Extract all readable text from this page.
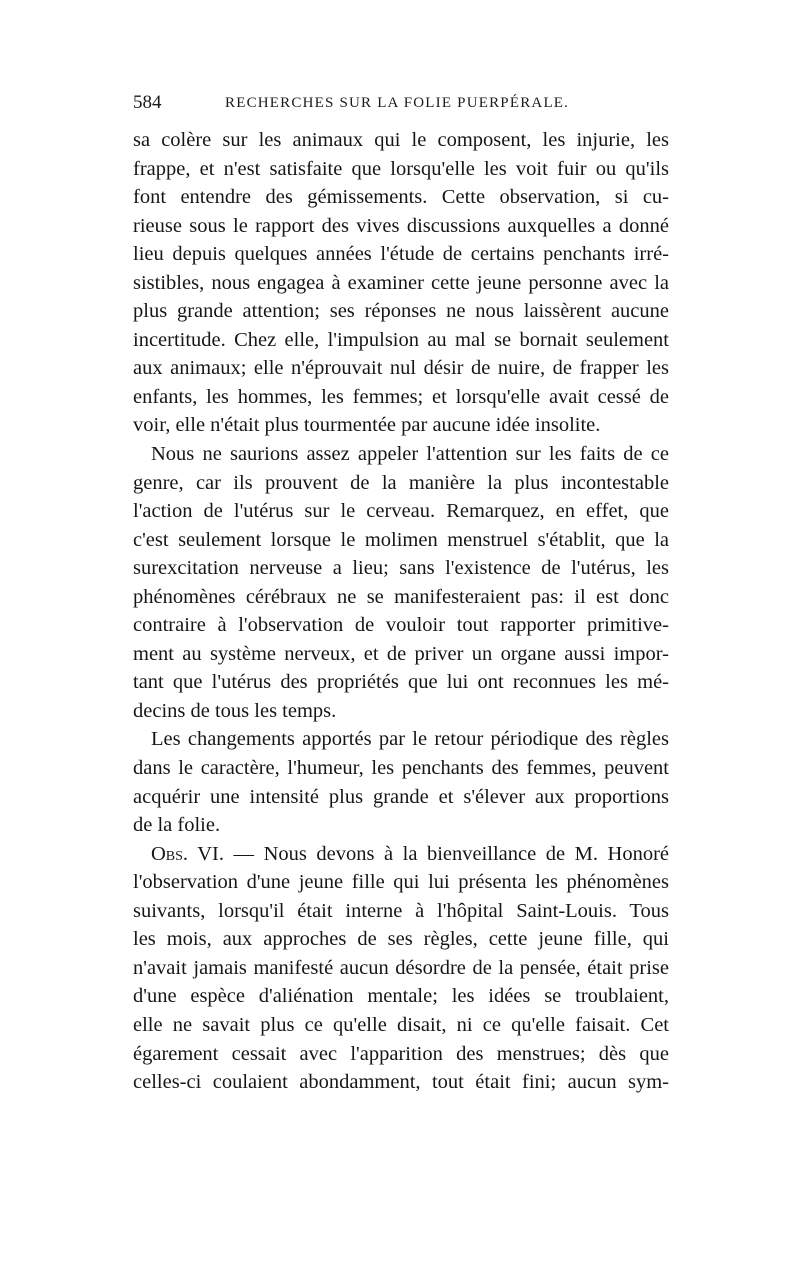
584	RECHERCHES SUR LA FOLIE PUERPÉRALE.
sa colère sur les animaux qui le composent, les injurie, les
frappe, et n'est satisfaite que lorsqu'elle les voit fuir ou qu'ils
font entendre des gémissements. Cette observation, si cu-
rieuse sous le rapport des vives discussions auxquelles a donné
lieu depuis quelques années l'étude de certains penchants irré-
sistibles, nous engagea à examiner cette jeune personne avec la
plus grande attention; ses réponses ne nous laissèrent aucune
incertitude. Chez elle, l'impulsion au mal se bornait seulement
aux animaux; elle n'éprouvait nul désir de nuire, de frapper les
enfants, les hommes, les femmes; et lorsqu'elle avait cessé de
voir, elle n'était plus tourmentée par aucune idée insolite.
Nous ne saurions assez appeler l'attention sur les faits de ce
genre, car ils prouvent de la manière la plus incontestable
l'action de l'utérus sur le cerveau. Remarquez, en effet, que
c'est seulement lorsque le molimen menstruel s'établit, que la
surexcitation nerveuse a lieu; sans l'existence de l'utérus, les
phénomènes cérébraux ne se manifesteraient pas: il est donc
contraire à l'observation de vouloir tout rapporter primitive-
ment au système nerveux, et de priver un organe aussi impor-
tant que l'utérus des propriétés que lui ont reconnues les mé-
decins de tous les temps.
Les changements apportés par le retour périodique des règles
dans le caractère, l'humeur, les penchants des femmes, peuvent
acquérir une intensité plus grande et s'élever aux proportions
de la folie.
Obs. VI. — Nous devons à la bienveillance de M. Honoré
l'observation d'une jeune fille qui lui présenta les phénomènes
suivants, lorsqu'il était interne à l'hôpital Saint-Louis. Tous
les mois, aux approches de ses règles, cette jeune fille, qui
n'avait jamais manifesté aucun désordre de la pensée, était prise
d'une espèce d'aliénation mentale; les idées se troublaient,
elle ne savait plus ce qu'elle disait, ni ce qu'elle faisait. Cet
égarement cessait avec l'apparition des menstrues; dès que
celles-ci coulaient abondamment, tout était fini; aucun sym-
